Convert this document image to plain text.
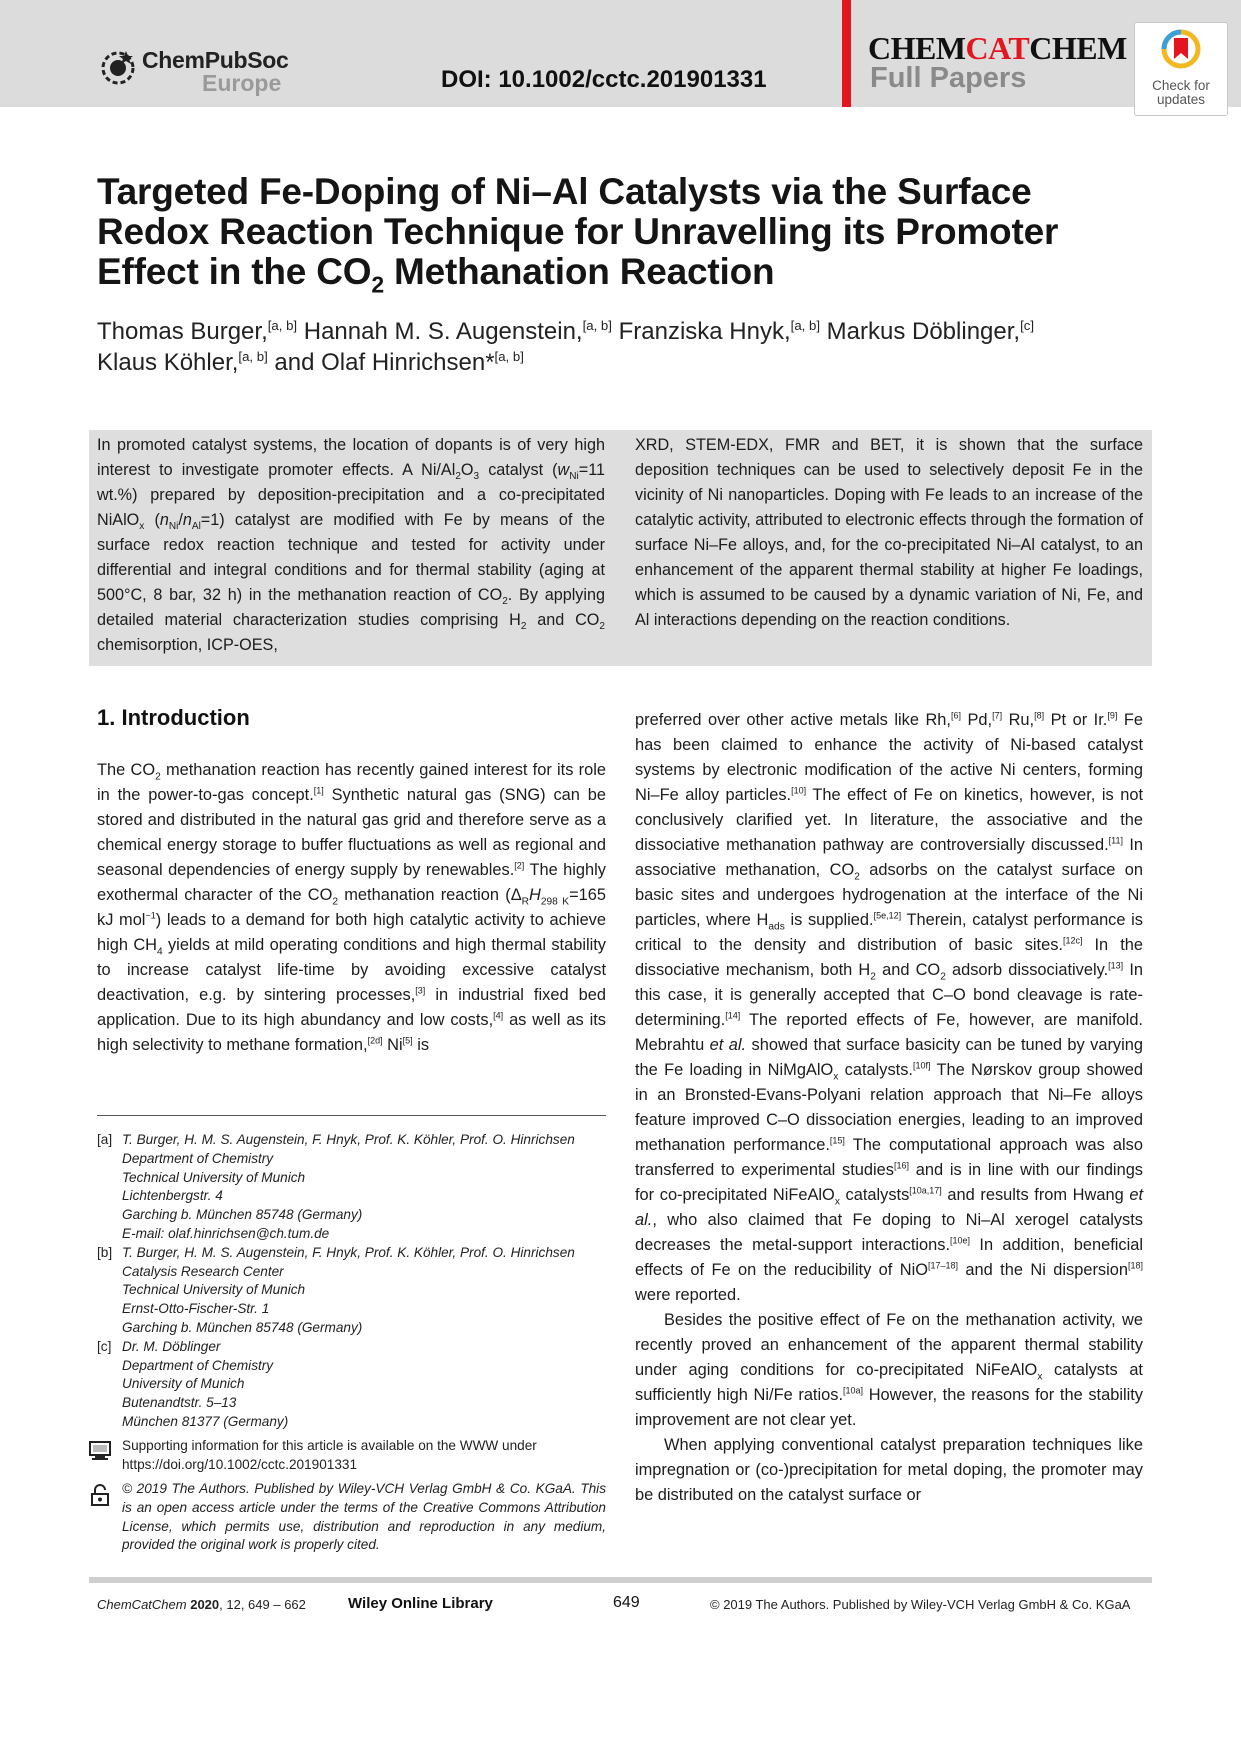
ChemPubSoc
Europe	DOI: 10.1002/cctc.201901331
CHEMCATCHEM
Full Papers	Check for
updates
Targeted Fe-Doping of Ni–Al Catalysts via the Surface
Redox Reaction Technique for Unravelling its Promoter
Effect in the $CO_2$ Methanation Reaction
Thomas Burger,[a, b] Hannah M. S. Augenstein,[a, b] Franziska Hnyk,[a, b] Markus Döblinger,[c]
Klaus Köhler,[a, b] and Olaf Hinrichsen*[a, b]
In promoted catalyst systems, the location of dopants is of very high interest to investigate promoter effects. A $Ni/Al_2O_3$ catalyst ($w_{Ni}=11$ wt.%) prepared by deposition-precipitation and a co-precipitated NiAlO$_x$ $(n_{Ni}/n_{Al}=1)$ catalyst are modified with Fe by means of the surface redox reaction technique and tested for activity under differential and integral conditions and for thermal stability (aging at 500°C, 8 bar, 32 h) in the methanation reaction of $CO_2$. By applying detailed material characterization studies comprising $H_2$ and $CO_2$ chemisorption, ICP-OES,
XRD, STEM-EDX, FMR and BET, it is shown that the surface deposition techniques can be used to selectively deposit Fe in the vicinity of Ni nanoparticles. Doping with Fe leads to an increase of the catalytic activity, attributed to electronic effects through the formation of surface Ni–Fe alloys, and, for the co-precipitated Ni–Al catalyst, to an enhancement of the apparent thermal stability at higher Fe loadings, which is assumed to be caused by a dynamic variation of Ni, Fe, and Al interactions depending on the reaction conditions.
1. Introduction
The $CO_2$ methanation reaction has recently gained interest for its role in the power-to-gas concept.[1] Synthetic natural gas (SNG) can be stored and distributed in the natural gas grid and therefore serve as a chemical energy storage to buffer fluctuations as well as regional and seasonal dependencies of energy supply by renewables.[2] The highly exothermal character of the $CO_2$ methanation reaction ($\Delta_RH_{298 K}=165$ kJ mol$^{-1}$) leads to a demand for both high catalytic activity to achieve high $CH_4$ yields at mild operating conditions and high thermal stability to increase catalyst life-time by avoiding excessive catalyst deactivation, e.g. by sintering processes,[3] in industrial fixed bed application. Due to its high abundancy and low costs,[4] as well as its high selectivity to methane formation,[2d] Ni[5] is

preferred over other active metals like Rh,[6] Pd,[7] Ru,[8] Pt or Ir.[9] Fe has been claimed to enhance the activity of Ni-based catalyst systems by electronic modification of the active Ni centers, forming Ni–Fe alloy particles.[10] The effect of Fe on kinetics, however, is not conclusively clarified yet. In literature, the associative and the dissociative methanation pathway are controversially discussed.[11] In associative methanation, $CO_2$ adsorbs on the catalyst surface on basic sites and undergoes hydrogenation at the interface of the Ni particles, where $H_{ads}$ is supplied.[5e,12] Therein, catalyst performance is critical to the density and distribution of basic sites.[12c] In the dissociative mechanism, both $H_2$ and $CO_2$ adsorb dissociatively.[13] In this case, it is generally accepted that C–O bond cleavage is rate-determining.[14] The reported effects of Fe, however, are manifold. Mebrahtu et al. showed that surface basicity can be tuned by varying the Fe loading in NiMgAlO$_x$ catalysts.[10f] The Nørskov group showed in an Bronsted-Evans-Polyani relation approach that Ni–Fe alloys feature improved C–O dissociation energies, leading to an improved methanation performance.[15] The computational approach was also transferred to experimental studies[16] and is in line with our findings for co-precipitated NiFeAlO$_x$ catalysts[10a,17] and results from Hwang et al., who also claimed that Fe doping to Ni–Al xerogel catalysts decreases the metal-support interactions.[10e] In addition, beneficial effects of Fe on the reducibility of NiO[17–18] and the Ni dispersion[18] were reported.

Besides the positive effect of Fe on the methanation activity, we recently proved an enhancement of the apparent thermal stability under aging conditions for co-precipitated NiFeAlO$_x$ catalysts at sufficiently high Ni/Fe ratios.[10a] However, the reasons for the stability improvement are not clear yet.

When applying conventional catalyst preparation techniques like impregnation or (co-)precipitation for metal doping, the promoter may be distributed on the catalyst surface or

[a] T. Burger, H. M. S. Augenstein, F. Hnyk, Prof. K. Köhler, Prof. O. Hinrichsen
Department of Chemistry
Technical University of Munich
Lichtenbergstr. 4
Garching b. München 85748 (Germany)
E-mail: olaf.hinrichsen@ch.tum.de
[b] T. Burger, H. M. S. Augenstein, F. Hnyk, Prof. K. Köhler, Prof. O. Hinrichsen
Catalysis Research Center
Technical University of Munich
Ernst-Otto-Fischer-Str. 1
Garching b. München 85748 (Germany)
[c] Dr. M. Döblinger
Department of Chemistry
University of Munich
Butenandtstr. 5–13
München 81377 (Germany)
Supporting information for this article is available on the WWW under
https://doi.org/10.1002/cctc.201901331
© 2019 The Authors. Published by Wiley-VCH Verlag GmbH & Co. KGaA. This is an open access article under the terms of the Creative Commons Attribution License, which permits use, distribution and reproduction in any medium, provided the original work is properly cited.
ChemCatChem 2020, 12, 649 – 662	Wiley Online Library	649	© 2019 The Authors. Published by Wiley-VCH Verlag GmbH & Co. KGaA
